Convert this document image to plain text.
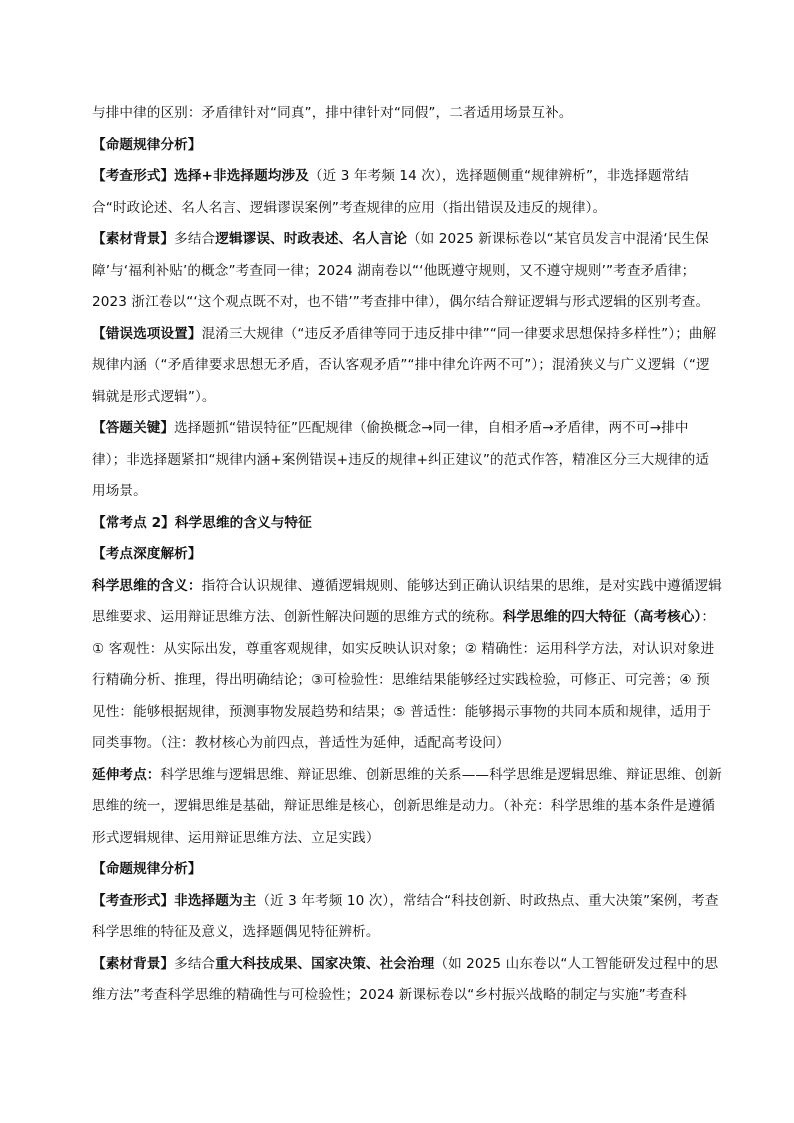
与排中律的区别：矛盾律针对“同真”，排中律针对“同假”，二者适用场景互补。

【命题规律分析】

【考查形式】选择+非选择题均涉及（近 3 年考频 14 次），选择题侧重“规律辨析”，非选择题常结合“时政论述、名人名言、逻辑谬误案例”考查规律的应用（指出错误及违反的规律）。

【素材背景】多结合逻辑谬误、时政表述、名人言论（如 2025 新课标卷以“某官员发言中混淆‘民生保障’与‘福利补贴’的概念”考查同一律；2024 湖南卷以“‘他既遵守规则，又不遵守规则’”考查矛盾律；2023 浙江卷以“‘这个观点既不对，也不错’”考查排中律），偶尔结合辩证逻辑与形式逻辑的区别考查。

【错误选项设置】混淆三大规律（“违反矛盾律等同于违反排中律”“同一律要求思想保持多样性”）；曲解规律内涵（“矛盾律要求思想无矛盾，否认客观矛盾”“排中律允许两不可”）；混淆狭义与广义逻辑（“逻辑就是形式逻辑”）。

【答题关键】选择题抓“错误特征”匹配规律（偷换概念→同一律，自相矛盾→矛盾律，两不可→排中律）；非选择题紧扣“规律内涵+案例错误+违反的规律+纠正建议”的范式作答，精准区分三大规律的适用场景。

【常考点 2】科学思维的含义与特征

【考点深度解析】

科学思维的含义：指符合认识规律、遵循逻辑规则、能够达到正确认识结果的思维，是对实践中遵循逻辑思维要求、运用辩证思维方法、创新性解决问题的思维方式的统称。科学思维的四大特征（高考核心）：① 客观性：从实际出发，尊重客观规律，如实反映认识对象；② 精确性：运用科学方法，对认识对象进行精确分析、推理，得出明确结论；③可检验性：思维结果能够经过实践检验，可修正、可完善；④ 预见性：能够根据规律，预测事物发展趋势和结果；⑤ 普适性：能够揭示事物的共同本质和规律，适用于同类事物。（注：教材核心为前四点，普适性为延伸，适配高考设问）

延伸考点：科学思维与逻辑思维、辩证思维、创新思维的关系——科学思维是逻辑思维、辩证思维、创新思维的统一，逻辑思维是基础，辩证思维是核心，创新思维是动力。（补充：科学思维的基本条件是遵循形式逻辑规律、运用辩证思维方法、立足实践）

【命题规律分析】

【考查形式】非选择题为主（近 3 年考频 10 次），常结合“科技创新、时政热点、重大决策”案例，考查科学思维的特征及意义，选择题偶见特征辨析。

【素材背景】多结合重大科技成果、国家决策、社会治理（如 2025 山东卷以“人工智能研发过程中的思维方法”考查科学思维的精确性与可检验性；2024 新课标卷以“乡村振兴战略的制定与实施”考查科
